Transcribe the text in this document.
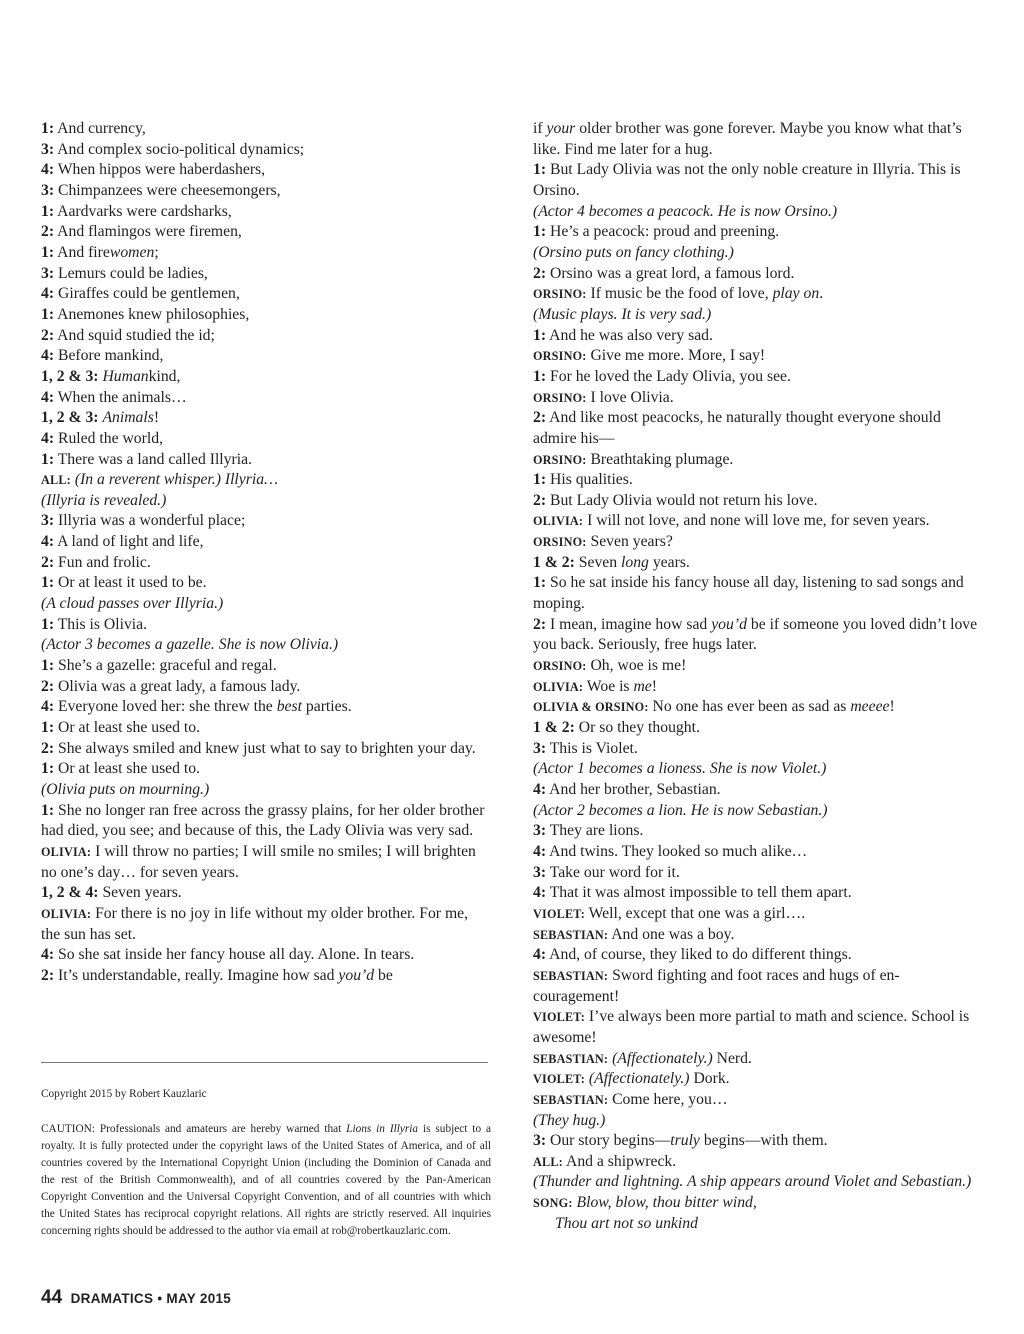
1: And currency,

3: And complex socio-political dynamics;

4: When hippos were haberdashers,

3: Chimpanzees were cheesemongers,

1: Aardvarks were cardsharks,

2: And flamingos were firemen,

1: And firewomen;

3: Lemurs could be ladies,

4: Giraffes could be gentlemen,

1: Anemones knew philosophies,

2: And squid studied the id;

4: Before mankind,

1, 2 & 3: Humankind,

4: When the animals…

1, 2 & 3: Animals!

4: Ruled the world,

1: There was a land called Illyria.

ALL: (In a reverent whisper.) Illyria…

(Illyria is revealed.)

3: Illyria was a wonderful place;

4: A land of light and life,

2: Fun and frolic.

1: Or at least it used to be.

(A cloud passes over Illyria.)

1: This is Olivia.

(Actor 3 becomes a gazelle. She is now Olivia.)

1: She’s a gazelle: graceful and regal.

2: Olivia was a great lady, a famous lady.

4: Everyone loved her: she threw the best parties.

1: Or at least she used to.

2: She always smiled and knew just what to say to brighten your day.

1: Or at least she used to.

(Olivia puts on mourning.)

1: She no longer ran free across the grassy plains, for her older brother had died, you see; and because of this, the Lady Olivia was very sad.

OLIVIA: I will throw no parties; I will smile no smiles; I will brighten no one’s day… for seven years.

1, 2 & 4: Seven years.

OLIVIA: For there is no joy in life without my older brother. For me, the sun has set.

4: So she sat inside her fancy house all day. Alone. In tears.

2: It’s understandable, really. Imagine how sad you’d be

if your older brother was gone forever. Maybe you know what that’s like. Find me later for a hug.

1: But Lady Olivia was not the only noble creature in Illyria. This is Orsino.

(Actor 4 becomes a peacock. He is now Orsino.)

1: He’s a peacock: proud and preening.

(Orsino puts on fancy clothing.)

2: Orsino was a great lord, a famous lord.

ORSINO: If music be the food of love, play on.

(Music plays. It is very sad.)

1: And he was also very sad.

ORSINO: Give me more. More, I say!

1: For he loved the Lady Olivia, you see.

ORSINO: I love Olivia.

2: And like most peacocks, he naturally thought everyone should admire his—

ORSINO: Breathtaking plumage.

1: His qualities.

2: But Lady Olivia would not return his love.

OLIVIA: I will not love, and none will love me, for seven years.

ORSINO: Seven years?

1 & 2: Seven long years.

1: So he sat inside his fancy house all day, listening to sad songs and moping.

2: I mean, imagine how sad you’d be if someone you loved didn’t love you back. Seriously, free hugs later.

ORSINO: Oh, woe is me!

OLIVIA: Woe is me!

OLIVIA & ORSINO: No one has ever been as sad as meeee!

1 & 2: Or so they thought.

3: This is Violet.

(Actor 1 becomes a lioness. She is now Violet.)

4: And her brother, Sebastian.

(Actor 2 becomes a lion. He is now Sebastian.)

3: They are lions.

4: And twins. They looked so much alike…

3: Take our word for it.

4: That it was almost impossible to tell them apart.

VIOLET: Well, except that one was a girl….

SEBASTIAN: And one was a boy.

4: And, of course, they liked to do different things.

SEBASTIAN: Sword fighting and foot races and hugs of en-couragement!

VIOLET: I’ve always been more partial to math and science. School is awesome!

SEBASTIAN: (Affectionately.) Nerd.

VIOLET: (Affectionately.) Dork.

SEBASTIAN: Come here, you…

(They hug.)

3: Our story begins—truly begins—with them.

ALL: And a shipwreck.

(Thunder and lightning. A ship appears around Violet and Sebastian.)

SONG: Blow, blow, thou bitter wind,

Thou art not so unkind

Copyright 2015 by Robert Kauzlaric

CAUTION: Professionals and amateurs are hereby warned that Lions in Illyria is subject to a royalty. It is fully protected under the copyright laws of the United States of America, and of all countries covered by the International Copyright Union (including the Dominion of Canada and the rest of the British Commonwealth), and of all countries covered by the Pan-American Copyright Convention and the Universal Copyright Convention, and of all countries with which the United States has reciprocal copyright relations. All rights are strictly reserved. All inquiries concerning rights should be addressed to the author via email at rob@robertkauzlaric.com.

44 DRAMATICS • MAY 2015
